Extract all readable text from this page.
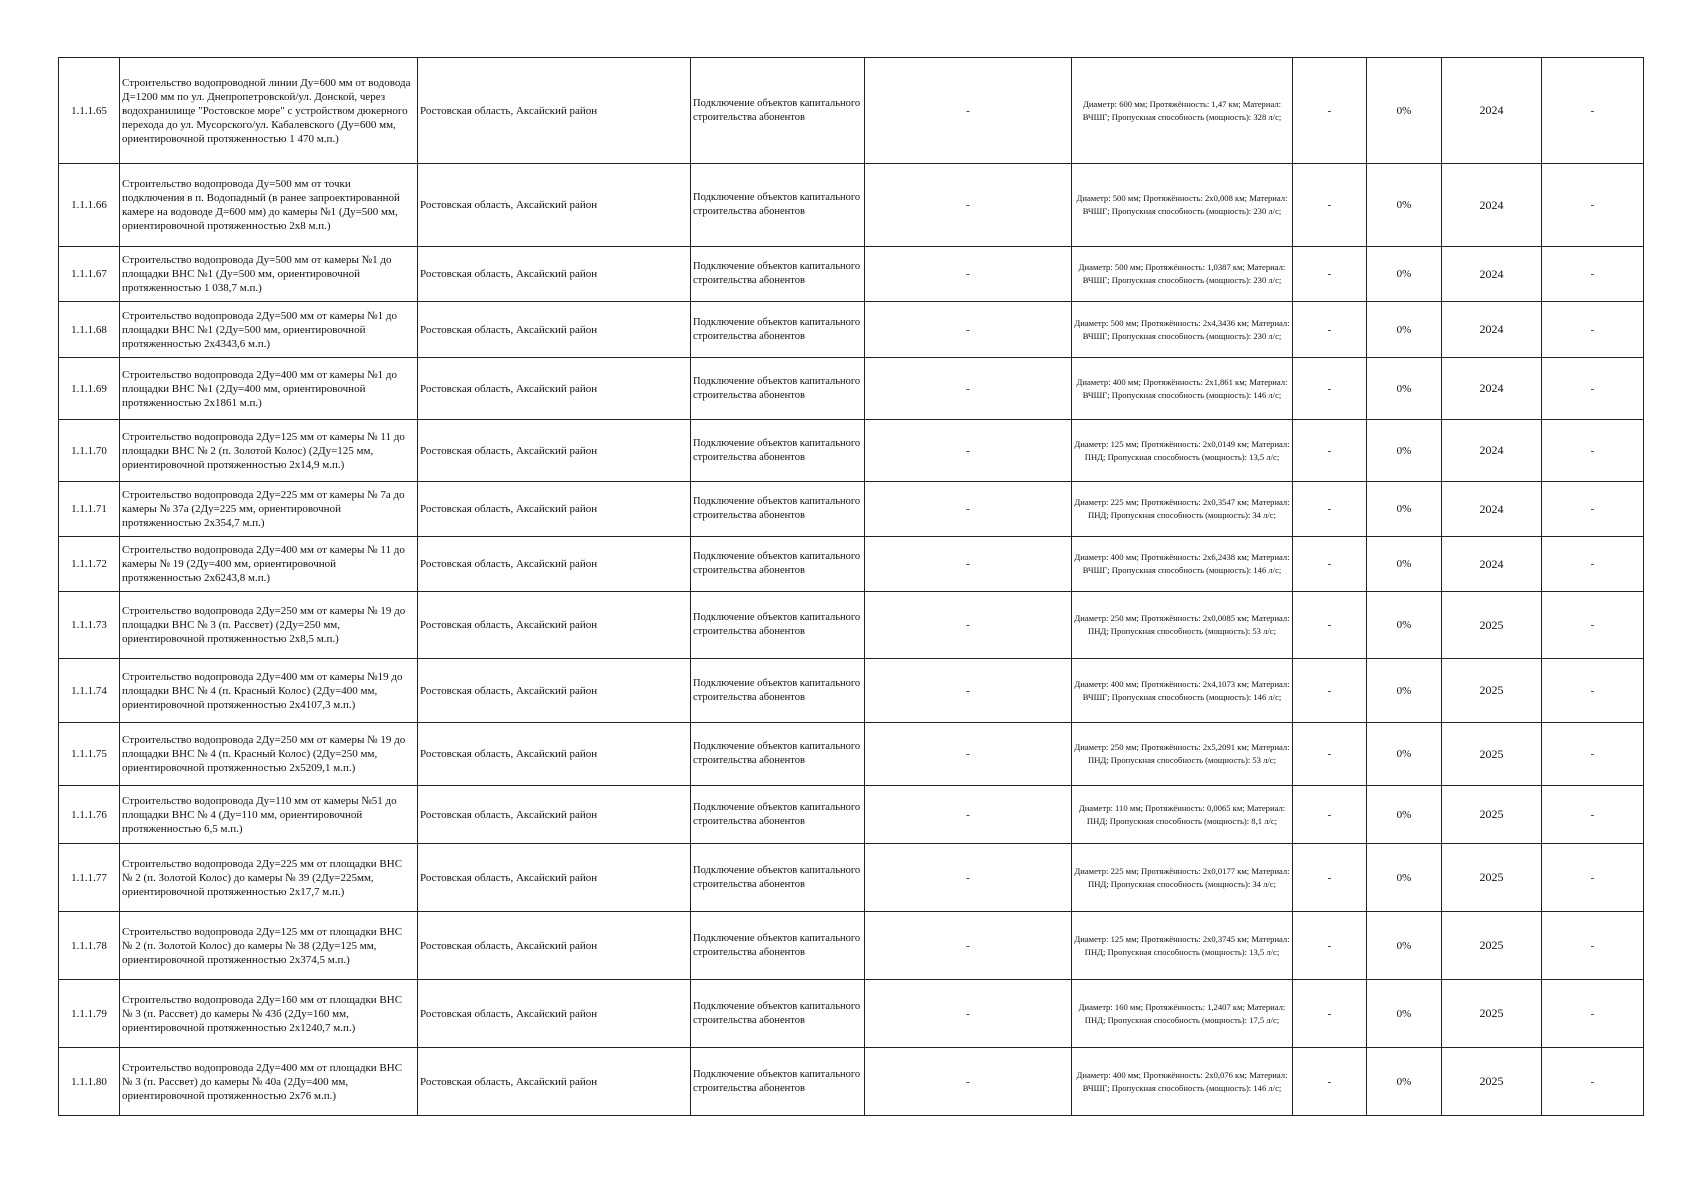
1.1.1.65	Строительство водопроводной линии Ду=600 мм от водовода Д=1200 мм по ул. Днепропетровской/ул. Донской, через водохранилище "Ростовское море" с устройством дюкерного перехода до ул. Мусорского/ул. Кабалевского (Ду=600 мм, ориентировочной протяженностью 1 470 м.п.)	Ростовская область, Аксайский район	Подключение объектов капитального строительства абонентов	-	Диаметр: 600 мм; Протяжённость: 1,47 км; Материал: ВЧШГ; Пропускная способность (мощность): 328 л/с;	-	0%	2024	-
1.1.1.66	Строительство водопровода Ду=500 мм от точки подключения в п. Водопадный (в ранее запроектированной камере на водоводе Д=600 мм) до камеры №1 (Ду=500 мм, ориентировочной протяженностью 2х8 м.п.)	Ростовская область, Аксайский район	Подключение объектов капитального строительства абонентов	-	Диаметр: 500 мм; Протяжённость: 2х0,008 км; Материал: ВЧШГ; Пропускная способность (мощность): 230 л/с;	-	0%	2024	-
1.1.1.67	Строительство водопровода Ду=500 мм от камеры №1 до площадки ВНС №1 (Ду=500 мм, ориентировочной протяженностью 1 038,7 м.п.)	Ростовская область, Аксайский район	Подключение объектов капитального строительства абонентов	-	Диаметр: 500 мм; Протяжённость: 1,0387 км; Материал: ВЧШГ; Пропускная способность (мощность): 230 л/с;	-	0%	2024	-
1.1.1.68	Строительство водопровода 2Ду=500 мм от камеры №1 до площадки ВНС №1 (2Ду=500 мм, ориентировочной протяженностью 2х4343,6 м.п.)	Ростовская область, Аксайский район	Подключение объектов капитального строительства абонентов	-	Диаметр: 500 мм; Протяжённость: 2х4,3436 км; Материал: ВЧШГ; Пропускная способность (мощность): 230 л/с;	-	0%	2024	-
1.1.1.69	Строительство водопровода 2Ду=400 мм от камеры №1 до площадки ВНС №1 (2Ду=400 мм, ориентировочной протяженностью 2х1861 м.п.)	Ростовская область, Аксайский район	Подключение объектов капитального строительства абонентов	-	Диаметр: 400 мм; Протяжённость: 2х1,861 км; Материал: ВЧШГ; Пропускная способность (мощность): 146 л/с;	-	0%	2024	-
1.1.1.70	Строительство водопровода 2Ду=125 мм от камеры № 11 до площадки ВНС № 2 (п. Золотой Колос) (2Ду=125 мм, ориентировочной протяженностью 2х14,9 м.п.)	Ростовская область, Аксайский район	Подключение объектов капитального строительства абонентов	-	Диаметр: 125 мм; Протяжённость: 2х0,0149 км; Материал: ПНД; Пропускная способность (мощность): 13,5 л/с;	-	0%	2024	-
1.1.1.71	Строительство водопровода 2Ду=225 мм от камеры № 7а до камеры № 37а (2Ду=225 мм, ориентировочной протяженностью 2х354,7 м.п.)	Ростовская область, Аксайский район	Подключение объектов капитального строительства абонентов	-	Диаметр: 225 мм; Протяжённость: 2х0,3547 км; Материал: ПНД; Пропускная способность (мощность): 34 л/с;	-	0%	2024	-
1.1.1.72	Строительство водопровода 2Ду=400 мм от камеры № 11 до камеры № 19 (2Ду=400 мм, ориентировочной протяженностью 2х6243,8 м.п.)	Ростовская область, Аксайский район	Подключение объектов капитального строительства абонентов	-	Диаметр: 400 мм; Протяжённость: 2х6,2438 км; Материал: ВЧШГ; Пропускная способность (мощность): 146 л/с;	-	0%	2024	-
1.1.1.73	Строительство водопровода 2Ду=250 мм от камеры № 19 до площадки ВНС № 3 (п. Рассвет) (2Ду=250 мм, ориентировочной протяженностью 2х8,5 м.п.)	Ростовская область, Аксайский район	Подключение объектов капитального строительства абонентов	-	Диаметр: 250 мм; Протяжённость: 2х0,0085 км; Материал: ПНД; Пропускная способность (мощность): 53 л/с;	-	0%	2025	-
1.1.1.74	Строительство водопровода 2Ду=400 мм от камеры №19 до площадки ВНС № 4 (п. Красный Колос) (2Ду=400 мм, ориентировочной протяженностью 2х4107,3 м.п.)	Ростовская область, Аксайский район	Подключение объектов капитального строительства абонентов	-	Диаметр: 400 мм; Протяжённость: 2х4,1073 км; Материал: ВЧШГ; Пропускная способность (мощность): 146 л/с;	-	0%	2025	-
1.1.1.75	Строительство водопровода 2Ду=250 мм от камеры № 19 до площадки ВНС № 4 (п. Красный Колос) (2Ду=250 мм, ориентировочной протяженностью 2х5209,1 м.п.)	Ростовская область, Аксайский район	Подключение объектов капитального строительства абонентов	-	Диаметр: 250 мм; Протяжённость: 2х5,2091 км; Материал: ПНД; Пропускная способность (мощность): 53 л/с;	-	0%	2025	-
1.1.1.76	Строительство водопровода Ду=110 мм от камеры №51 до площадки ВНС № 4 (Ду=110 мм, ориентировочной протяженностью 6,5 м.п.)	Ростовская область, Аксайский район	Подключение объектов капитального строительства абонентов	-	Диаметр: 110 мм; Протяжённость: 0,0065 км; Материал: ПНД; Пропускная способность (мощность): 8,1 л/с;	-	0%	2025	-
1.1.1.77	Строительство водопровода 2Ду=225 мм от площадки ВНС № 2 (п. Золотой Колос) до камеры № 39 (2Ду=225мм, ориентировочной протяженностью 2х17,7 м.п.)	Ростовская область, Аксайский район	Подключение объектов капитального строительства абонентов	-	Диаметр: 225 мм; Протяжённость: 2х0,0177 км; Материал: ПНД; Пропускная способность (мощность): 34 л/с;	-	0%	2025	-
1.1.1.78	Строительство водопровода 2Ду=125 мм от площадки ВНС № 2 (п. Золотой Колос) до камеры № 38 (2Ду=125 мм, ориентировочной протяженностью 2х374,5 м.п.)	Ростовская область, Аксайский район	Подключение объектов капитального строительства абонентов	-	Диаметр: 125 мм; Протяжённость: 2х0,3745 км; Материал: ПНД; Пропускная способность (мощность): 13,5 л/с;	-	0%	2025	-
1.1.1.79	Строительство водопровода 2Ду=160 мм от площадки ВНС № 3 (п. Рассвет) до камеры № 43б (2Ду=160 мм, ориентировочной протяженностью 2х1240,7 м.п.)	Ростовская область, Аксайский район	Подключение объектов капитального строительства абонентов	-	Диаметр: 160 мм; Протяжённость: 1,2407 км; Материал: ПНД; Пропускная способность (мощность): 17,5 л/с;	-	0%	2025	-
1.1.1.80	Строительство водопровода 2Ду=400 мм от площадки ВНС № 3 (п. Рассвет) до камеры № 40а (2Ду=400 мм, ориентировочной протяженностью 2х76 м.п.)	Ростовская область, Аксайский район	Подключение объектов капитального строительства абонентов	-	Диаметр: 400 мм; Протяжённость: 2х0,076 км; Материал: ВЧШГ; Пропускная способность (мощность): 146 л/с;	-	0%	2025	-
